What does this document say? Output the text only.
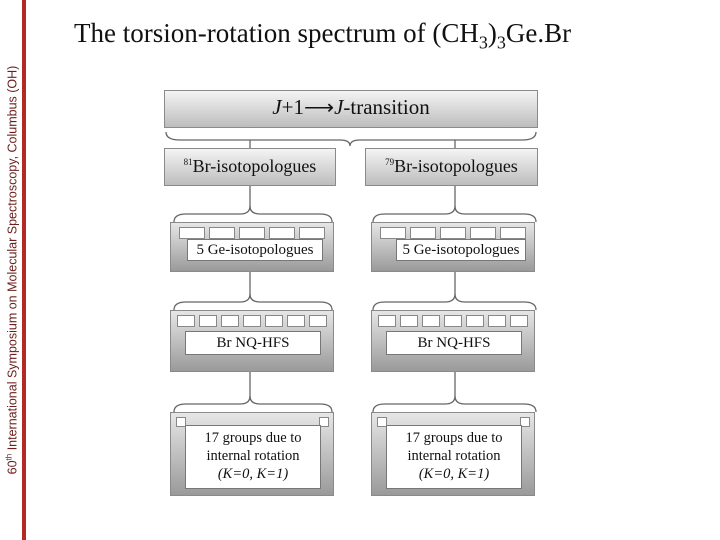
60th International Symposium on Molecular Spectroscopy, Columbus (OH)
The torsion-rotation spectrum of $(CH_3)_3Ge.Br$
J+1⟶J-transition
$^{81}$Br-isotopologues	$^{79}$Br-isotopologues
5 Ge-isotopologues	5 Ge-isotopologues
Br NQ-HFS	Br NQ-HFS
17 groups due to
internal rotation
(K=0, K=1)
17 groups due to
internal rotation
(K=0, K=1)
